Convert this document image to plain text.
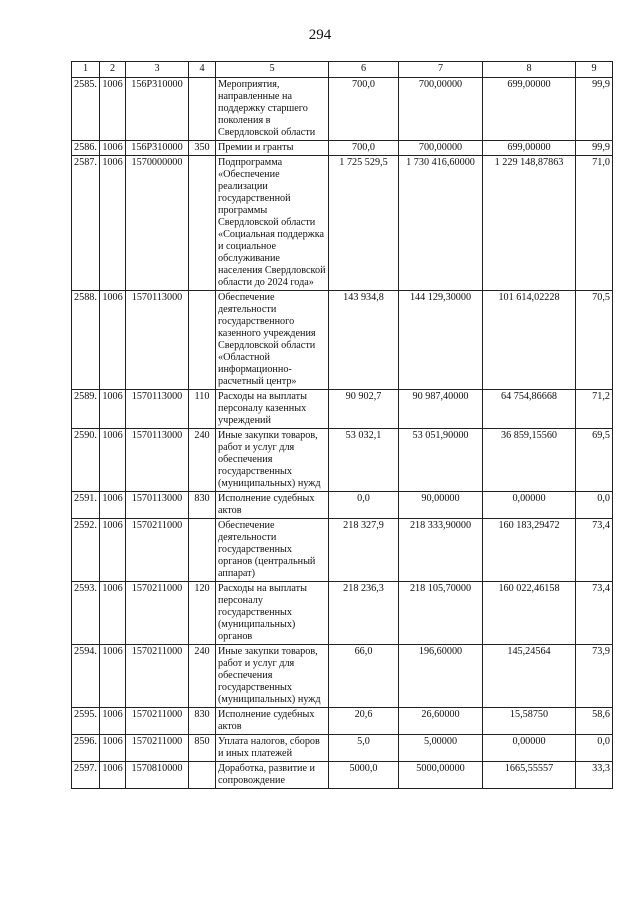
294
1	2	3	4	5	6	7	8	9
2585.	1006	156Р310000		Мероприятия, направленные на поддержку старшего поколения в Свердловской области	700,0	700,00000	699,00000	99,9
2586.	1006	156Р310000	350	Премии и гранты	700,0	700,00000	699,00000	99,9
2587.	1006	1570000000		Подпрограмма «Обеспечение реализации государственной программы Свердловской области «Социальная поддержка и социальное обслуживание населения Свердловской области до 2024 года»	1 725 529,5	1 730 416,60000	1 229 148,87863	71,0
2588.	1006	1570113000		Обеспечение деятельности государственного казенного учреждения Свердловской области «Областной информационно-расчетный центр»	143 934,8	144 129,30000	101 614,02228	70,5
2589.	1006	1570113000	110	Расходы на выплаты персоналу казенных учреждений	90 902,7	90 987,40000	64 754,86668	71,2
2590.	1006	1570113000	240	Иные закупки товаров, работ и услуг для обеспечения государственных (муниципальных) нужд	53 032,1	53 051,90000	36 859,15560	69,5
2591.	1006	1570113000	830	Исполнение судебных актов	0,0	90,00000	0,00000	0,0
2592.	1006	1570211000		Обеспечение деятельности государственных органов (центральный аппарат)	218 327,9	218 333,90000	160 183,29472	73,4
2593.	1006	1570211000	120	Расходы на выплаты персоналу государственных (муниципальных) органов	218 236,3	218 105,70000	160 022,46158	73,4
2594.	1006	1570211000	240	Иные закупки товаров, работ и услуг для обеспечения государственных (муниципальных) нужд	66,0	196,60000	145,24564	73,9
2595.	1006	1570211000	830	Исполнение судебных актов	20,6	26,60000	15,58750	58,6
2596.	1006	1570211000	850	Уплата налогов, сборов и иных платежей	5,0	5,00000	0,00000	0,0
2597.	1006	1570810000		Доработка, развитие и сопровождение	5000,0	5000,00000	1665,55557	33,3
